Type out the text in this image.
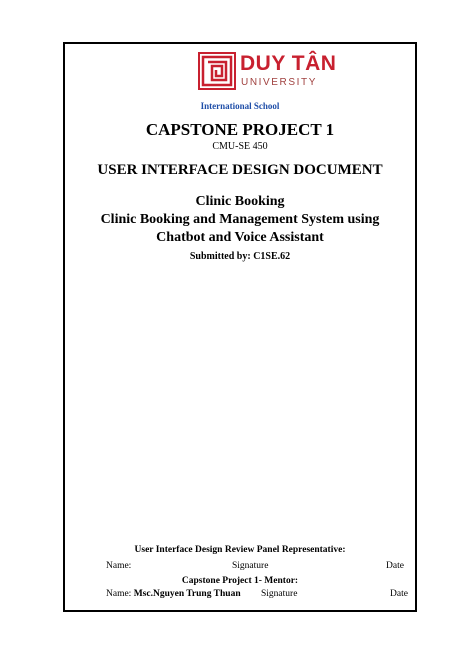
DUY TÂN
UNIVERSITY
International School
CAPSTONE PROJECT 1
CMU-SE 450
USER INTERFACE DESIGN DOCUMENT
Clinic Booking
Clinic Booking and Management System using
Chatbot and Voice Assistant
Submitted by: C1SE.62
User Interface Design Review Panel Representative:
Name:	Signature	Date
Capstone Project 1- Mentor:
Name: Msc.Nguyen Trung Thuan Signature	Date
